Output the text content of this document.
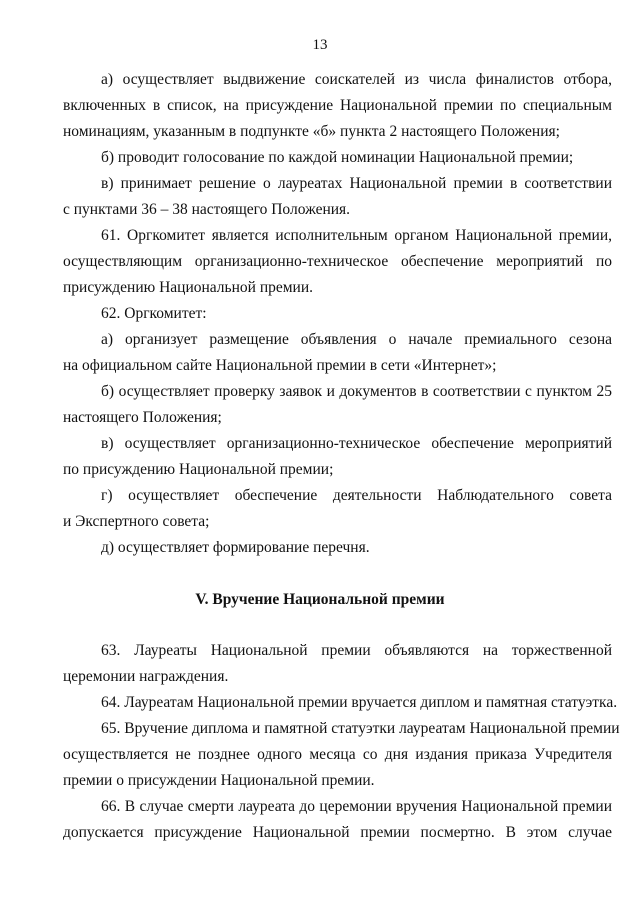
13
а) осуществляет выдвижение соискателей из числа финалистов отбора,
включенных в список, на присуждение Национальной премии по специальным
номинациям, указанным в подпункте «б» пункта 2 настоящего Положения;
б) проводит голосование по каждой номинации Национальной премии;
в) принимает решение о лауреатах Национальной премии в соответствии
с пунктами 36 – 38 настоящего Положения.
61. Оргкомитет является исполнительным органом Национальной премии,
осуществляющим организационно-техническое обеспечение мероприятий по
присуждению Национальной премии.
62. Оргкомитет:
а) организует размещение объявления о начале премиального сезона
на официальном сайте Национальной премии в сети «Интернет»;
б) осуществляет проверку заявок и документов в соответствии с пунктом 25
настоящего Положения;
в) осуществляет организационно-техническое обеспечение мероприятий
по присуждению Национальной премии;
г) осуществляет обеспечение деятельности Наблюдательного совета
и Экспертного совета;
д) осуществляет формирование перечня.
V. Вручение Национальной премии
63. Лауреаты Национальной премии объявляются на торжественной
церемонии награждения.
64. Лауреатам Национальной премии вручается диплом и памятная статуэтка.
65. Вручение диплома и памятной статуэтки лауреатам Национальной премии
осуществляется не позднее одного месяца со дня издания приказа Учредителя
премии о присуждении Национальной премии.
66. В случае смерти лауреата до церемонии вручения Национальной премии
допускается присуждение Национальной премии посмертно. В этом случае
